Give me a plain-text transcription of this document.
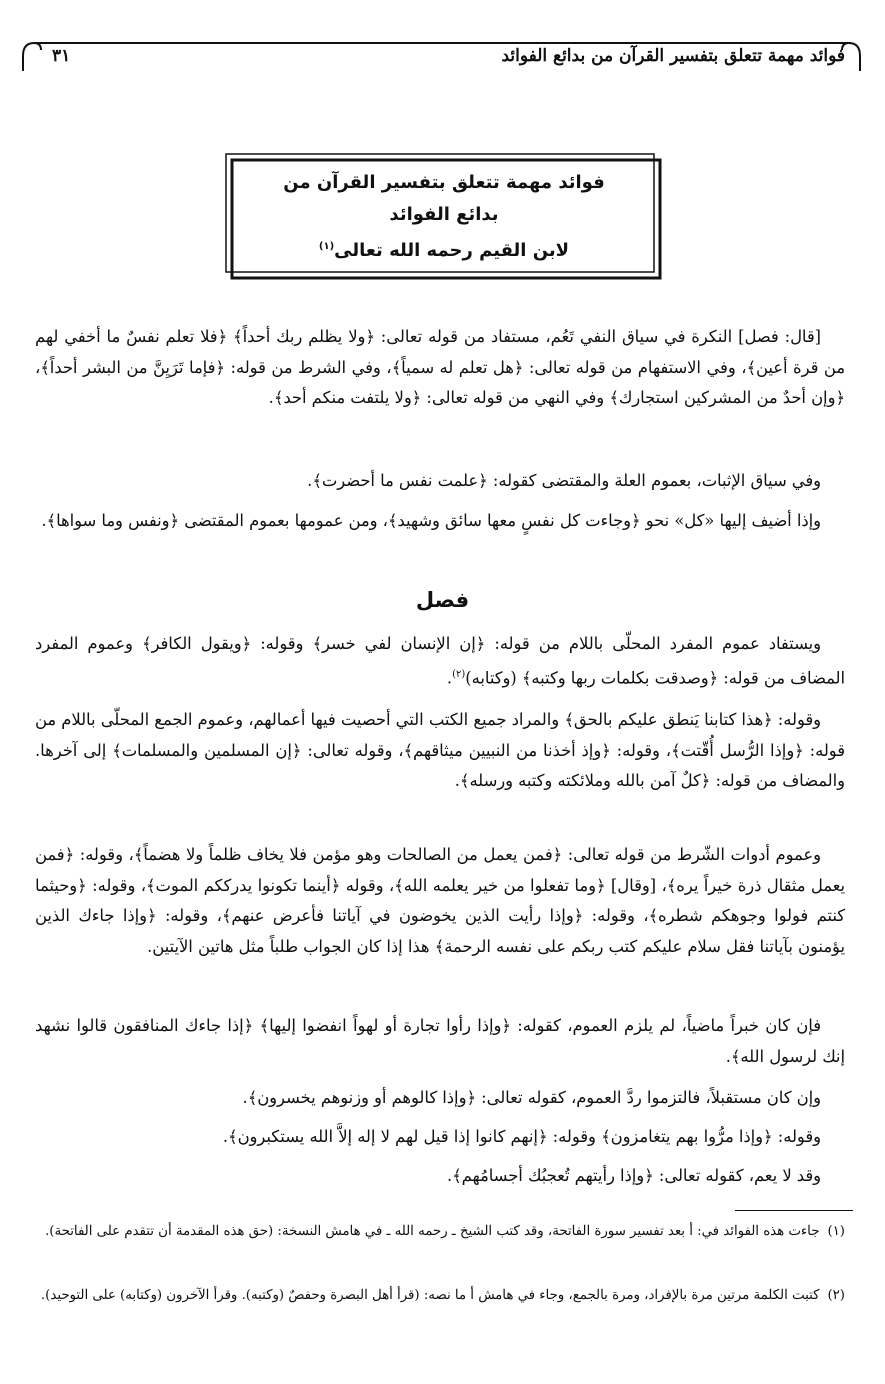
فوائد مهمة تتعلق بتفسير القرآن من بدائع الفوائد
٣١
فوائد مهمة تتعلق بتفسير القرآن من
بدائع الفوائد
لابن القيم رحمه الله تعالى$^{(١)}$
[قال: فصل] النكرة في سياق النفي تَعُم، مستفاد من قوله تعالى: ﴿ولا يظلم ربك أحداً﴾ ﴿فلا تعلم نفسٌ ما أخفي لهم من قرة أعين﴾، وفي الاستفهام من قوله تعالى: ﴿هل تعلم له سمياً﴾، وفي الشرط من قوله: ﴿فإما تَرَيِنَّ من البشر أحداً﴾، ﴿وإن أحدٌ من المشركين استجارك﴾ وفي النهي من قوله تعالى: ﴿ولا يلتفت منكم أحد﴾.
وفي سياق الإثبات، بعموم العلة والمقتضى كقوله: ﴿علمت نفس ما أحضرت﴾.
وإذا أضيف إليها «كل» نحو ﴿وجاءت كل نفسٍ معها سائق وشهيد﴾، ومن عمومها بعموم المقتضى ﴿ونفس وما سواها﴾.
فصل
ويستفاد عموم المفرد المحلّى باللام من قوله: ﴿إن الإنسان لفي خسر﴾ وقوله: ﴿ويقول الكافر﴾ وعموم المفرد المضاف من قوله: ﴿وصدقت بكلمات ربها وكتبه﴾ (وكتابه)$^{(٢)}$.
وقوله: ﴿هذا كتابنا يَنطق عليكم بالحق﴾ والمراد جميع الكتب التي أحصيت فيها أعمالهم، وعموم الجمع المحلّى باللام من قوله: ﴿وإذا الرُّسل أُقّتت﴾، وقوله: ﴿وإذ أخذنا من النبيين ميثاقهم﴾، وقوله تعالى: ﴿إن المسلمين والمسلمات﴾ إلى آخرها. والمضاف من قوله: ﴿كلٌ آمن بالله وملائكته وكتبه ورسله﴾.
وعموم أدوات الشّرط من قوله تعالى: ﴿فمن يعمل من الصالحات وهو مؤمن فلا يخاف ظلماً ولا هضماً﴾، وقوله: ﴿فمن يعمل مثقال ذرة خيراً يره﴾، [وقال] ﴿وما تفعلوا من خير يعلمه الله﴾، وقوله ﴿أينما تكونوا يدرككم الموت﴾، وقوله: ﴿وحيثما كنتم فولوا وجوهكم شطره﴾، وقوله: ﴿وإذا رأيت الذين يخوضون في آياتنا فأعرض عنهم﴾، وقوله: ﴿وإذا جاءك الذين يؤمنون بآياتنا فقل سلام عليكم كتب ربكم على نفسه الرحمة﴾ هذا إذا كان الجواب طلباً مثل هاتين الآيتين.
فإن كان خبراً ماضياً، لم يلزم العموم، كقوله: ﴿وإذا رأوا تجارة أو لهواً انفضوا إليها﴾ ﴿إذا جاءك المنافقون قالوا نشهد إنك لرسول الله﴾.
وإن كان مستقبلاً، فالتزموا ردَّ العموم، كقوله تعالى: ﴿وإذا كالوهم أو وزنوهم يخسرون﴾.
وقوله: ﴿وإذا مرُّوا بهم يتغامزون﴾ وقوله: ﴿إنهم كانوا إذا قيل لهم لا إله إلاَّ الله يستكبرون﴾.
وقد لا يعم، كقوله تعالى: ﴿وإذا رأيتهم تُعجبُك أجسامُهم﴾.
(١)جاءت هذه الفوائد في: أ بعد تفسير سورة الفاتحة، وقد كتب الشيخ ـ رحمه الله ـ في هامش النسخة: (حق هذه المقدمة أن تتقدم على الفاتحة).
(٢)كتبت الكلمة مرتين مرة بالإفراد، ومرة بالجمع، وجاء في هامش أ ما نصه: (قرأ أهل البصرة وحفصٌ (وكتبه). وقرأ الآخرون (وكتابه) على التوحيد).
